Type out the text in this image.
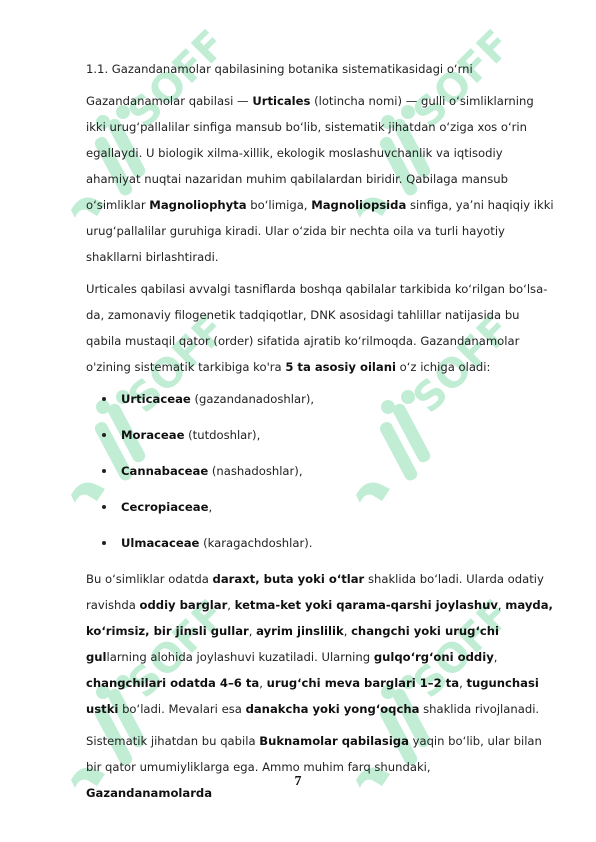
1.1. Gazandanamolar qabilasining botanika sistematikasidagi o‘rni

Gazandanamolar qabilasi — Urticales (lotincha nomi) — gulli o‘simliklarning ikki urug‘pallalilar sinfiga mansub bo‘lib, sistematik jihatdan o‘ziga xos o‘rin egallaydi. U biologik xilma-xillik, ekologik moslashuvchanlik va iqtisodiy ahamiyat nuqtai nazaridan muhim qabilalardan biridir. Qabilaga mansub o‘simliklar Magnoliophyta bo‘limiga, Magnoliopsida sinfiga, ya’ni haqiqiy ikki urug‘pallalilar guruhiga kiradi. Ular o‘zida bir nechta oila va turli hayotiy shakllarni birlashtiradi.

Urticales qabilasi avvalgi tasniflarda boshqa qabilalar tarkibida ko‘rilgan bo‘lsa-da, zamonaviy filogenetik tadqiqotlar, DNK asosidagi tahlillar natijasida bu qabila mustaqil qator (order) sifatida ajratib ko‘rilmoqda. Gazandanamolar o'zining sistematik tarkibiga ko'ra 5 ta asosiy oilani o‘z ichiga oladi:

Urticaceae (gazandanadoshlar),
Moraceae (tutdoshlar),
Cannabaceae (nashadoshlar),
Cecropiaceae,
Ulmacaceae (karagachdoshlar).

Bu o‘simliklar odatda daraxt, buta yoki o‘tlar shaklida bo‘ladi. Ularda odatiy ravishda oddiy barglar, ketma-ket yoki qarama-qarshi joylashuv, mayda, ko‘rimsiz, bir jinsli gullar, ayrim jinslilik, changchi yoki urug‘chi gullarning alohida joylashuvi kuzatiladi. Ularning gulqo‘rg‘oni oddiy, changchilari odatda 4–6 ta, urug‘chi meva barglari 1–2 ta, tugunchasi ustki bo‘ladi. Mevalari esa danakcha yoki yong‘oqcha shaklida rivojlanadi.

Sistematik jihatdan bu qabila Buknamolar qabilasiga yaqin bo‘lib, ular bilan bir qator umumiyliklarga ega. Ammo muhim farq shundaki, Gazandanamolarda

7
